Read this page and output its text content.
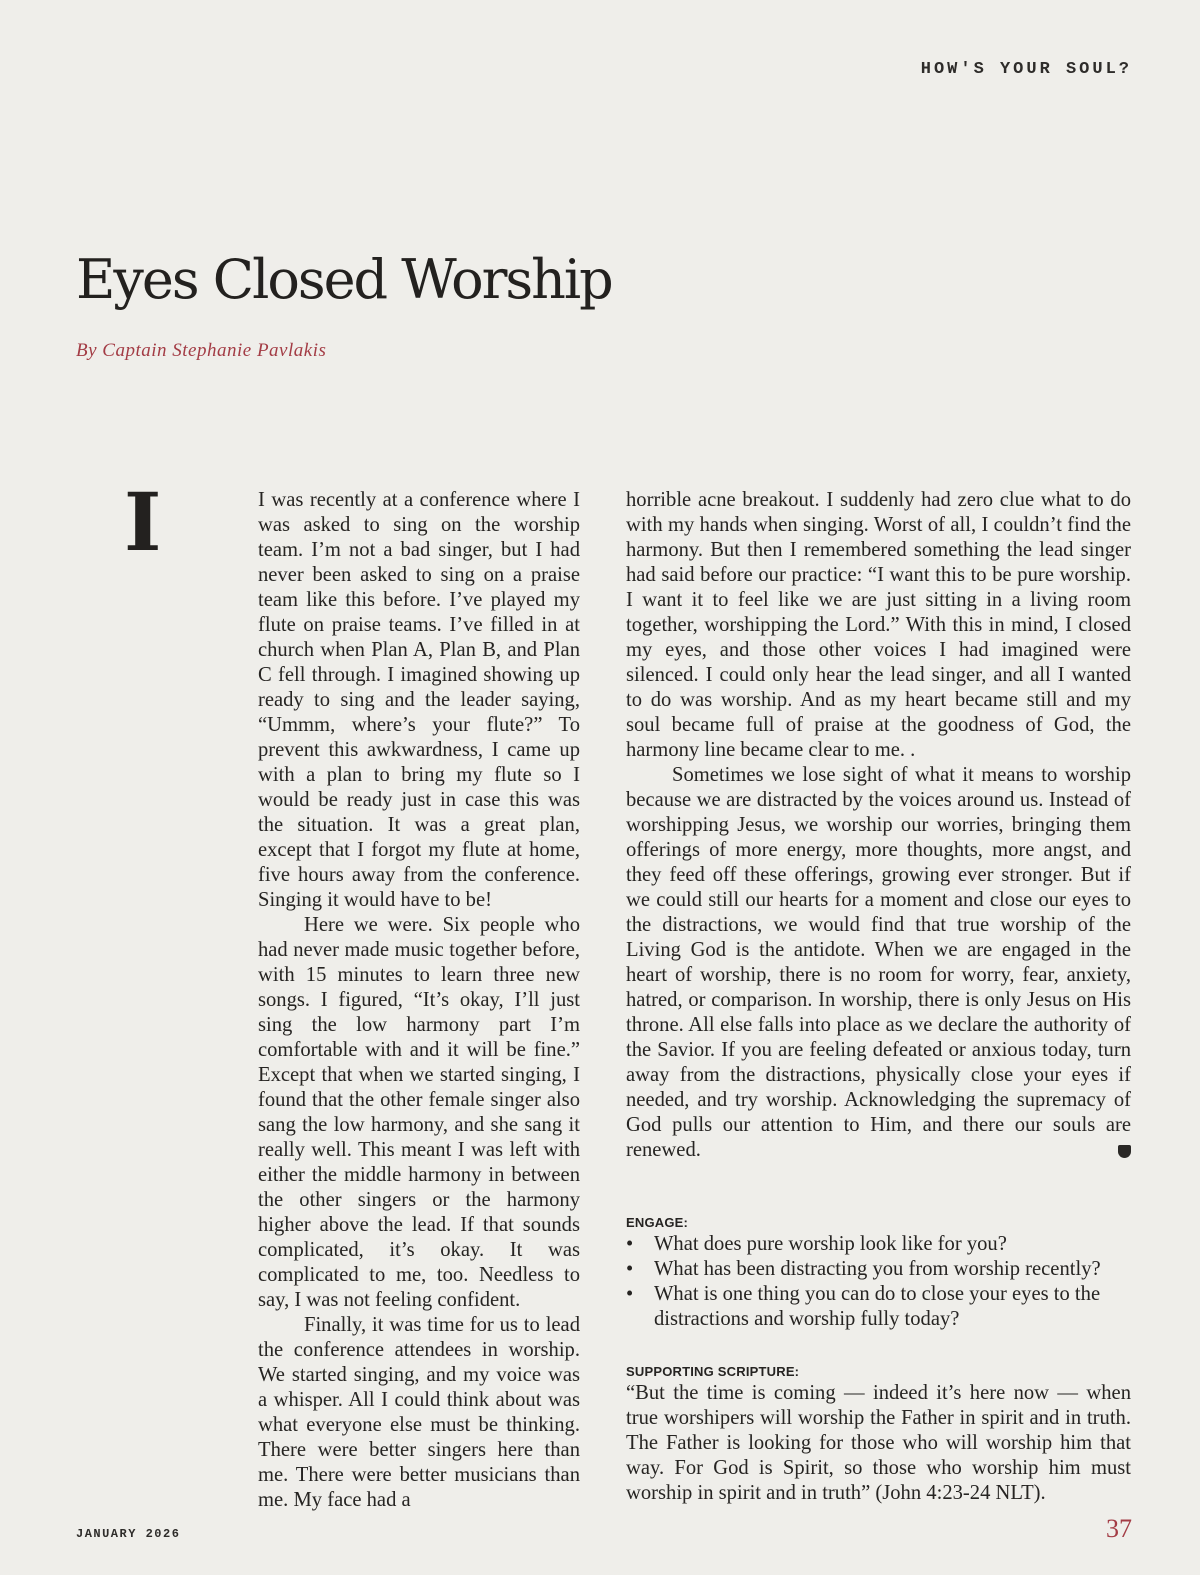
HOW'S YOUR SOUL?
Eyes Closed Worship
By Captain Stephanie Pavlakis
I	I was recently at a conference where I was asked to sing on the worship team. I’m not a bad singer, but I had never been asked to sing on a praise team like this before. I’ve played my flute on praise teams. I’ve filled in at church when Plan A, Plan B, and Plan C fell through. I imagined showing up ready to sing and the leader saying, “Ummm, where’s your flute?” To prevent this awkwardness, I came up with a plan to bring my flute so I would be ready just in case this was the situation. It was a great plan, except that I forgot my flute at home, five hours away from the conference. Singing it would have to be!

Here we were. Six people who had never made music together before, with 15 minutes to learn three new songs. I figured, “It’s okay, I’ll just sing the low harmony part I’m comfortable with and it will be fine.” Except that when we started singing, I found that the other female singer also sang the low harmony, and she sang it really well. This meant I was left with either the middle harmony in between the other singers or the harmony higher above the lead. If that sounds complicated, it’s okay. It was complicated to me, too. Needless to say, I was not feeling confident.

Finally, it was time for us to lead the conference attendees in worship. We started singing, and my voice was a whisper. All I could think about was what everyone else must be thinking. There were better singers here than me. There were better musicians than me. My face had a

horrible acne breakout. I suddenly had zero clue what to do with my hands when singing. Worst of all, I couldn’t find the harmony. But then I remembered something the lead singer had said before our practice: “I want this to be pure worship. I want it to feel like we are just sitting in a living room together, worshipping the Lord.” With this in mind, I closed my eyes, and those other voices I had imagined were silenced. I could only hear the lead singer, and all I wanted to do was worship. And as my heart became still and my soul became full of praise at the goodness of God, the harmony line became clear to me. .

Sometimes we lose sight of what it means to worship because we are distracted by the voices around us. Instead of worshipping Jesus, we worship our worries, bringing them offerings of more energy, more thoughts, more angst, and they feed off these offerings, growing ever stronger. But if we could still our hearts for a moment and close our eyes to the distractions, we would find that true worship of the Living God is the antidote. When we are engaged in the heart of worship, there is no room for worry, fear, anxiety, hatred, or comparison. In worship, there is only Jesus on His throne. All else falls into place as we declare the authority of the Savior. If you are feeling defeated or anxious today, turn away from the distractions, physically close your eyes if needed, and try worship. Acknowledging the supremacy of God pulls our attention to Him, and there our souls are renewed.

ENGAGE:
• What does pure worship look like for you?
• What has been distracting you from worship recently?
• What is one thing you can do to close your eyes to the distractions and worship fully today?
SUPPORTING SCRIPTURE:

“But the time is coming — indeed it’s here now — when true worshipers will worship the Father in spirit and in truth. The Father is looking for those who will worship him that way. For God is Spirit, so those who worship him must worship in spirit and in truth” (John 4:23-24 NLT).

JANUARY 2026	37
